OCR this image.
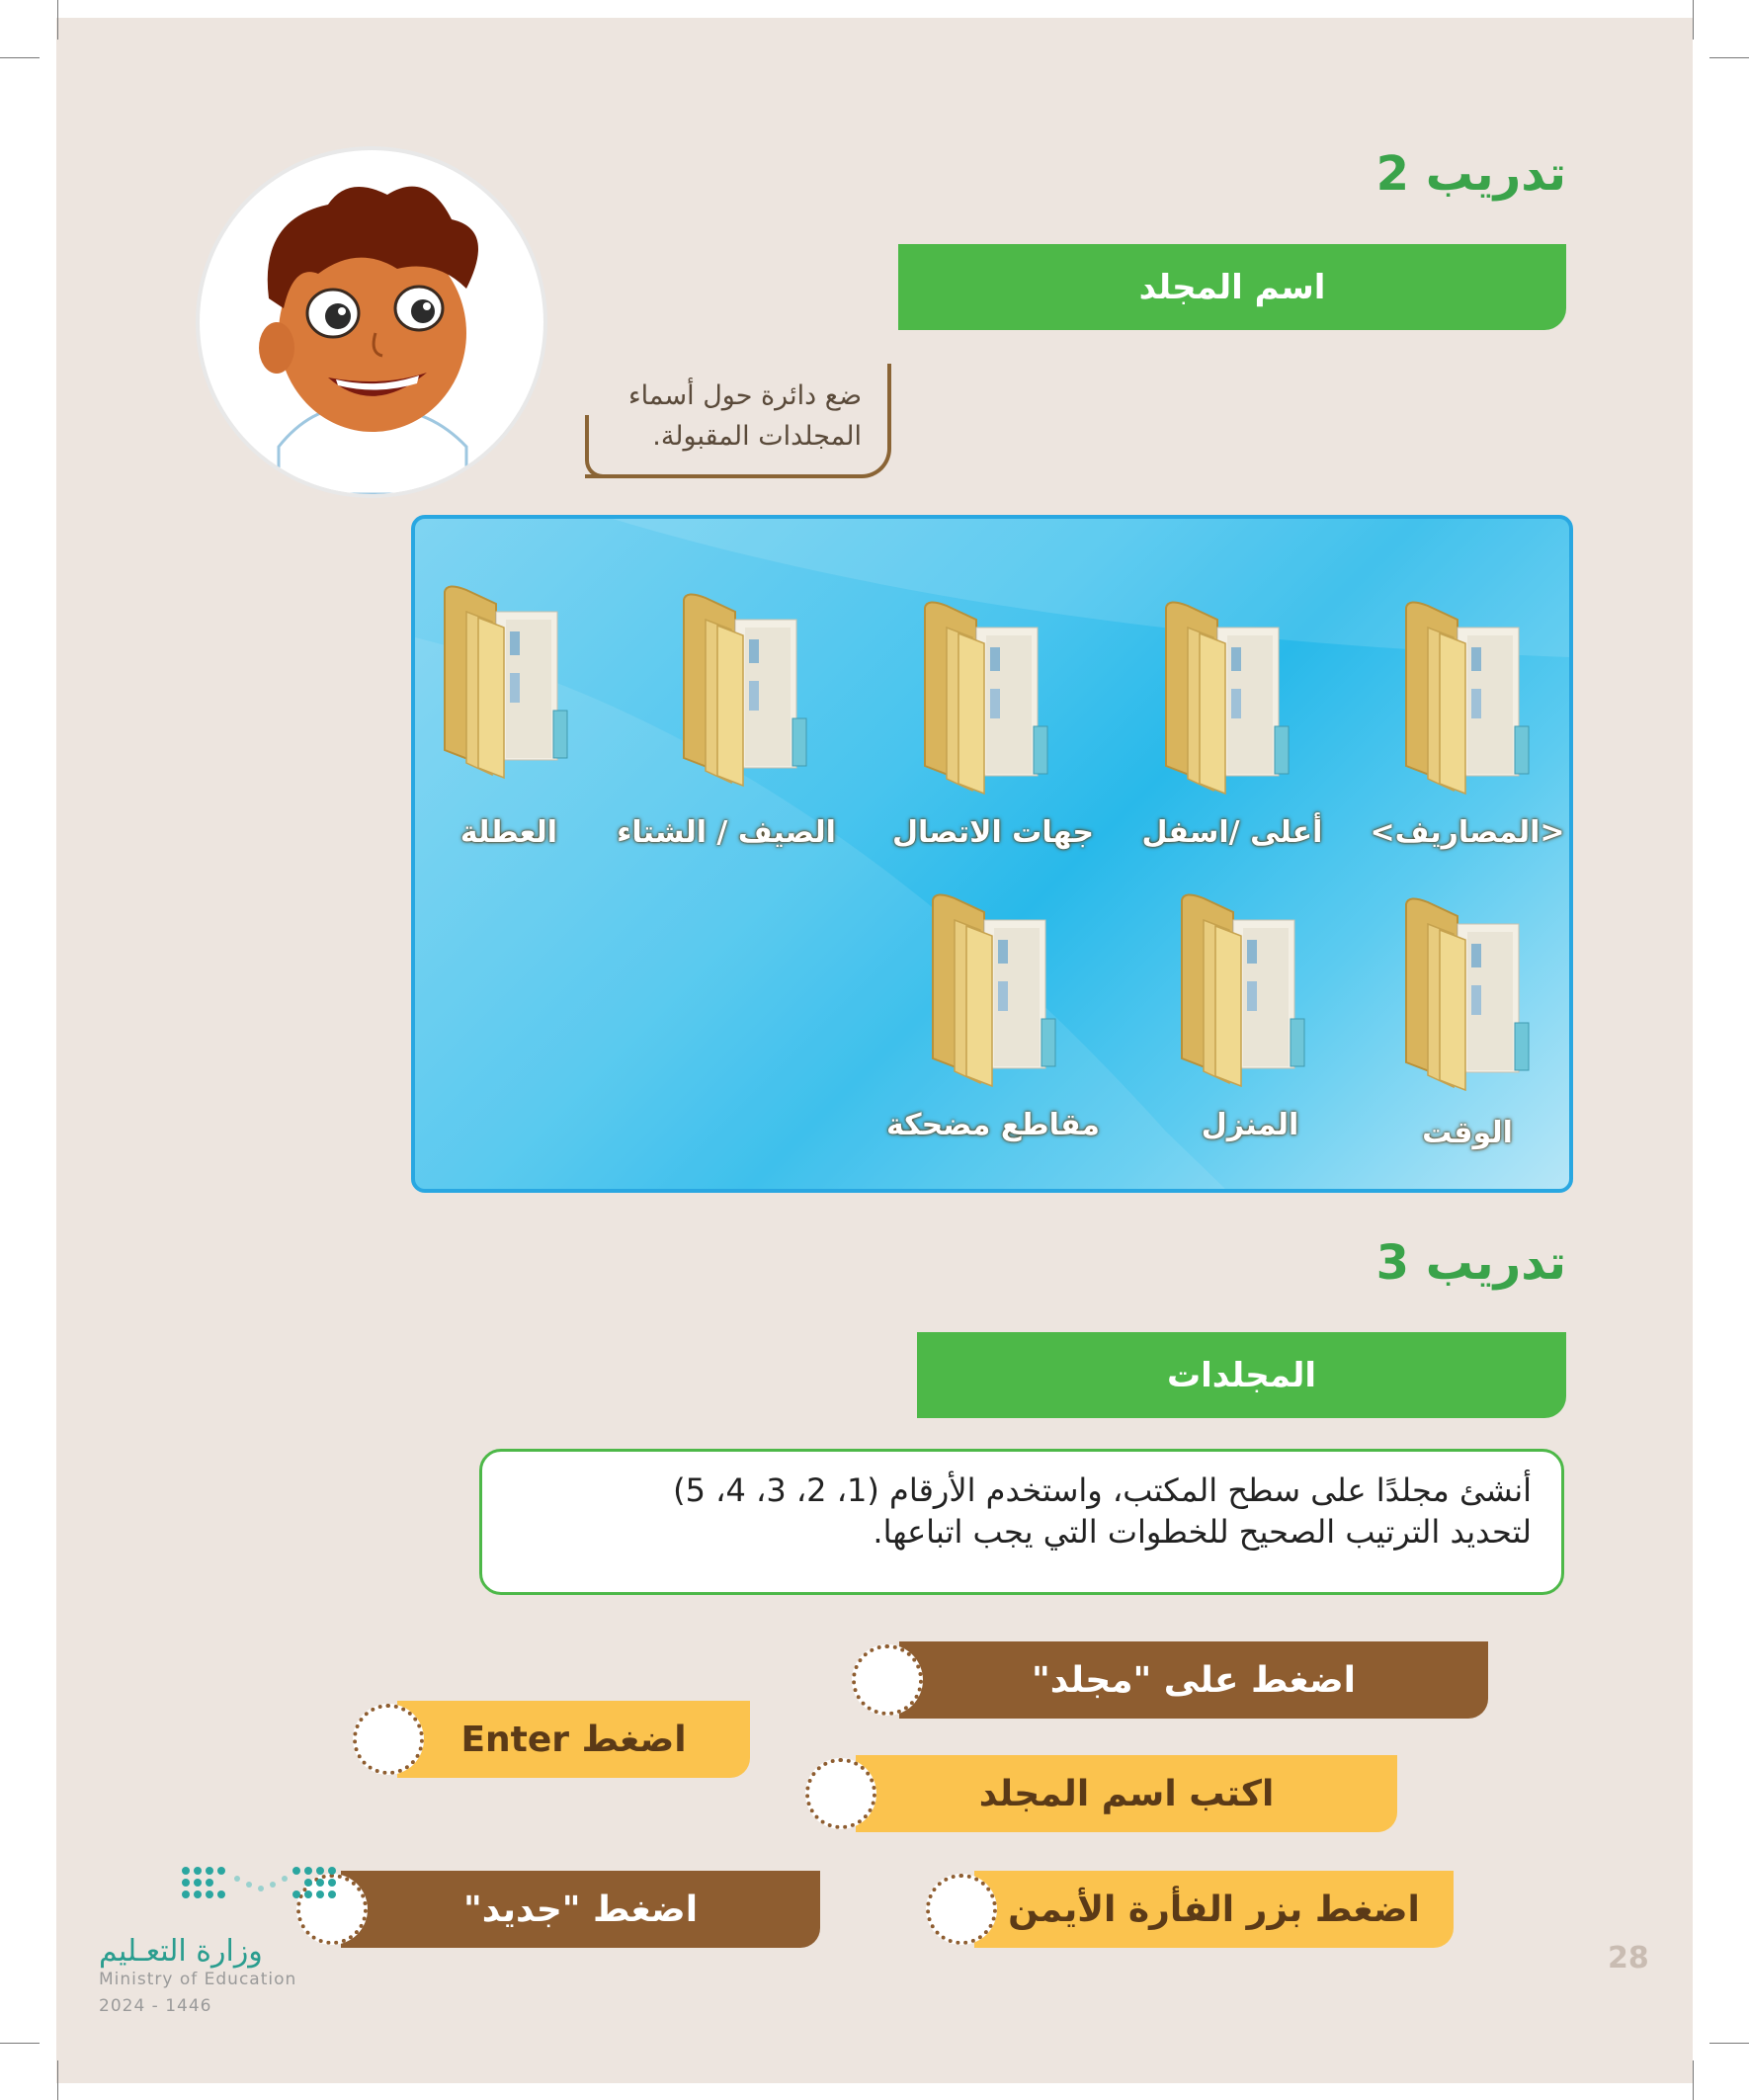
تدريب 2
اسم المجلد
ضع دائرة حول أسماء
المجلدات المقبولة.
<المصاريف>
أعلى /اسفل
جهات الاتصال
الصيف / الشتاء
العطلة
الوقت
المنزل
مقاطع مضحكة
تدريب 3
المجلدات
أنشئ مجلدًا على سطح المكتب، واستخدم الأرقام (1، 2، 3، 4، 5)
لتحديد الترتيب الصحيح للخطوات التي يجب اتباعها.
اضغط على "مجلد"
اضغط Enter
اكتب اسم المجلد
اضغط "جديد"	اضغط بزر الفأرة الأيمن
وزارة التعـليم
Ministry of Education
2024 - 1446
28
